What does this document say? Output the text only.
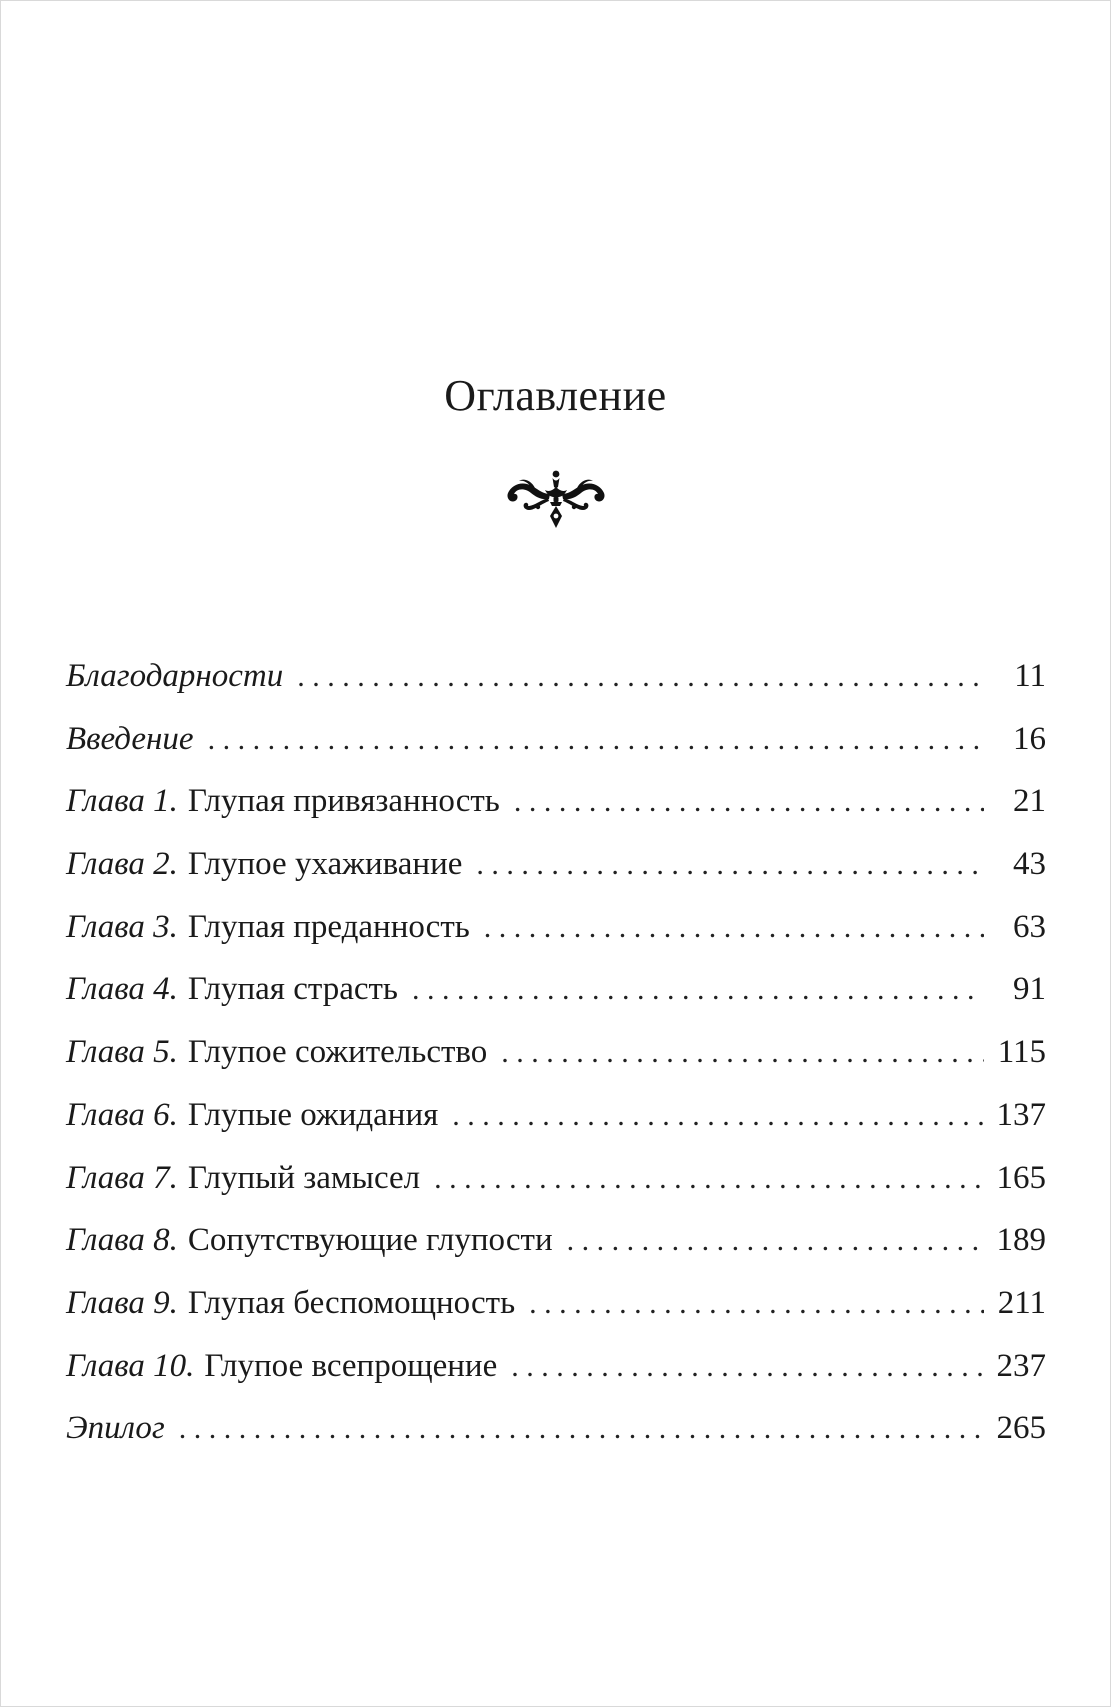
Оглавление
Благодарности . . .	11
Введение . . .	16
Глава 1. Глупая привязанность . . .	21
Глава 2. Глупое ухаживание . . .	43
Глава 3. Глупая преданность . . .	63
Глава 4. Глупая страсть . . .	91
Глава 5. Глупое сожительство . . .	115
Глава 6. Глупые ожидания . . .	137
Глава 7. Глупый замысел . . .	165
Глава 8. Сопутствующие глупости . . .	189
Глава 9. Глупая беспомощность . . .	211
Глава 10. Глупое всепрощение . . .	237
Эпилог . . .	265
